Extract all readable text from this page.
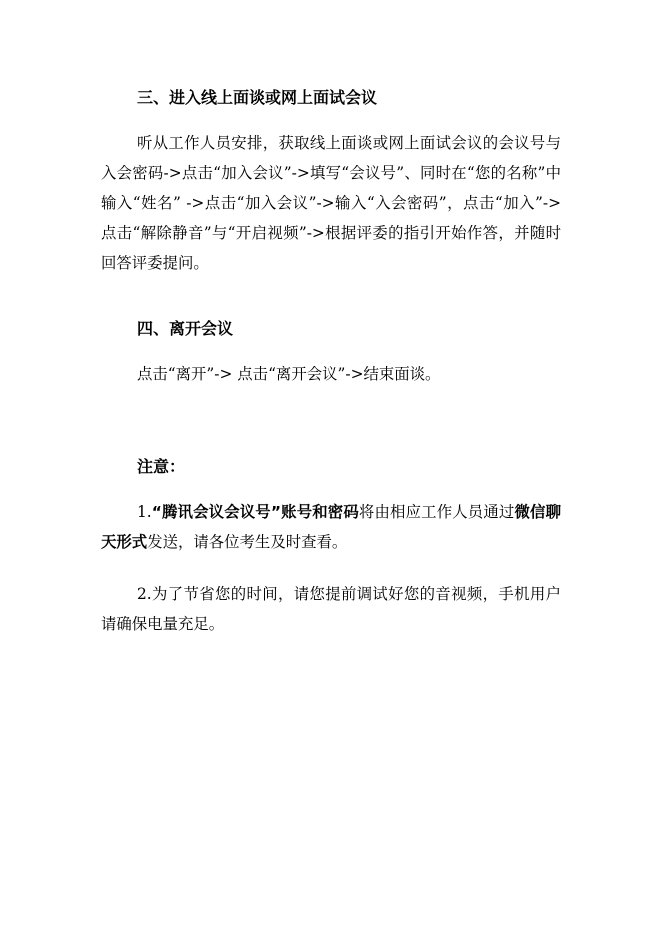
三、进入线上面谈或网上面试会议

听从工作人员安排，获取线上面谈或网上面试会议的会议号与入会密码->点击“加入会议”->填写“会议号”、同时在“您的名称”中输入“姓名” ->点击“加入会议”->输入“入会密码”，点击“加入”->点击“解除静音”与“开启视频”->根据评委的指引开始作答，并随时回答评委提问。

四、离开会议

点击“离开”-> 点击“离开会议”->结束面谈。

注意：

1.“腾讯会议会议号”账号和密码将由相应工作人员通过微信聊天形式发送，请各位考生及时查看。

2.为了节省您的时间，请您提前调试好您的音视频，手机用户请确保电量充足。
